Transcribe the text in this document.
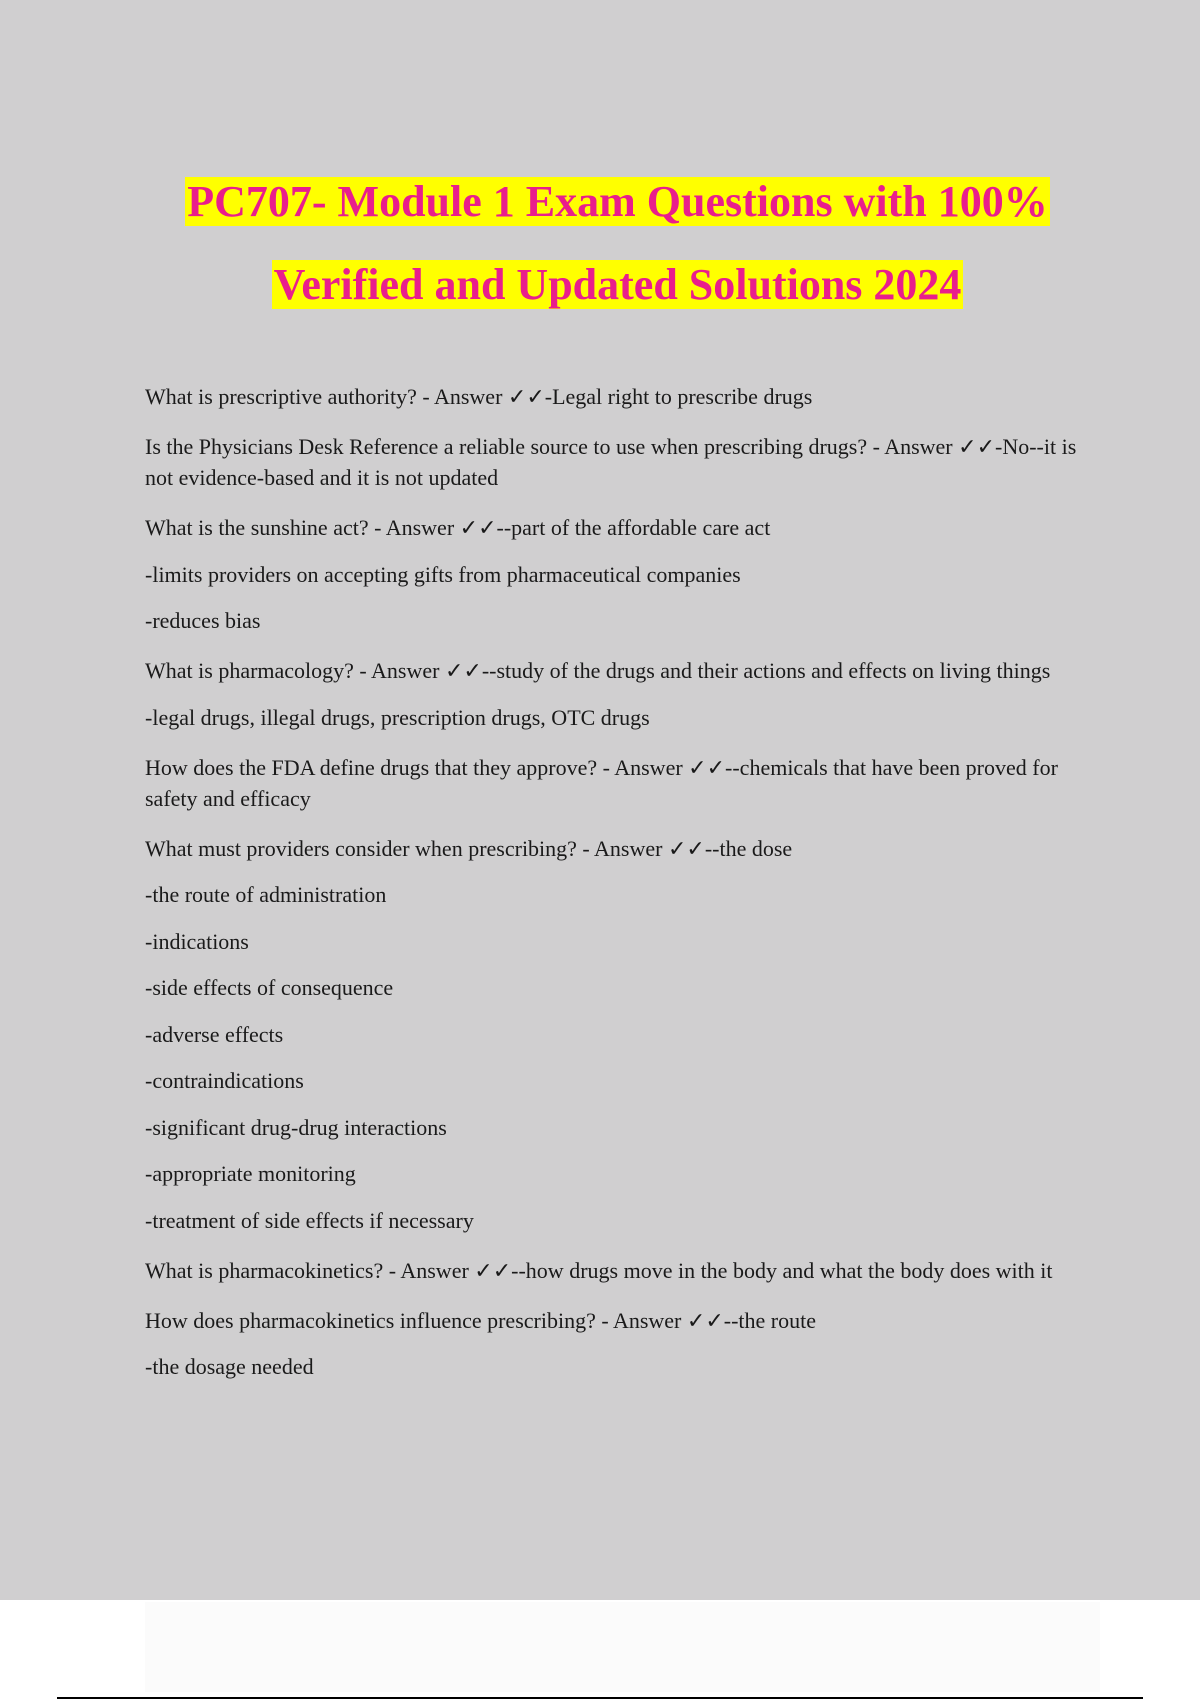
PC707- Module 1 Exam Questions with 100%
Verified and Updated Solutions 2024

What is prescriptive authority? - Answer ✓✓-Legal right to prescribe drugs

Is the Physicians Desk Reference a reliable source to use when prescribing drugs? - Answer ✓✓-No--it is not evidence-based and it is not updated

What is the sunshine act? - Answer ✓✓--part of the affordable care act

-limits providers on accepting gifts from pharmaceutical companies

-reduces bias

What is pharmacology? - Answer ✓✓--study of the drugs and their actions and effects on living things

-legal drugs, illegal drugs, prescription drugs, OTC drugs

How does the FDA define drugs that they approve? - Answer ✓✓--chemicals that have been proved for safety and efficacy

What must providers consider when prescribing? - Answer ✓✓--the dose

-the route of administration

-indications

-side effects of consequence

-adverse effects

-contraindications

-significant drug-drug interactions

-appropriate monitoring

-treatment of side effects if necessary

What is pharmacokinetics? - Answer ✓✓--how drugs move in the body and what the body does with it

How does pharmacokinetics influence prescribing? - Answer ✓✓--the route

-the dosage needed
